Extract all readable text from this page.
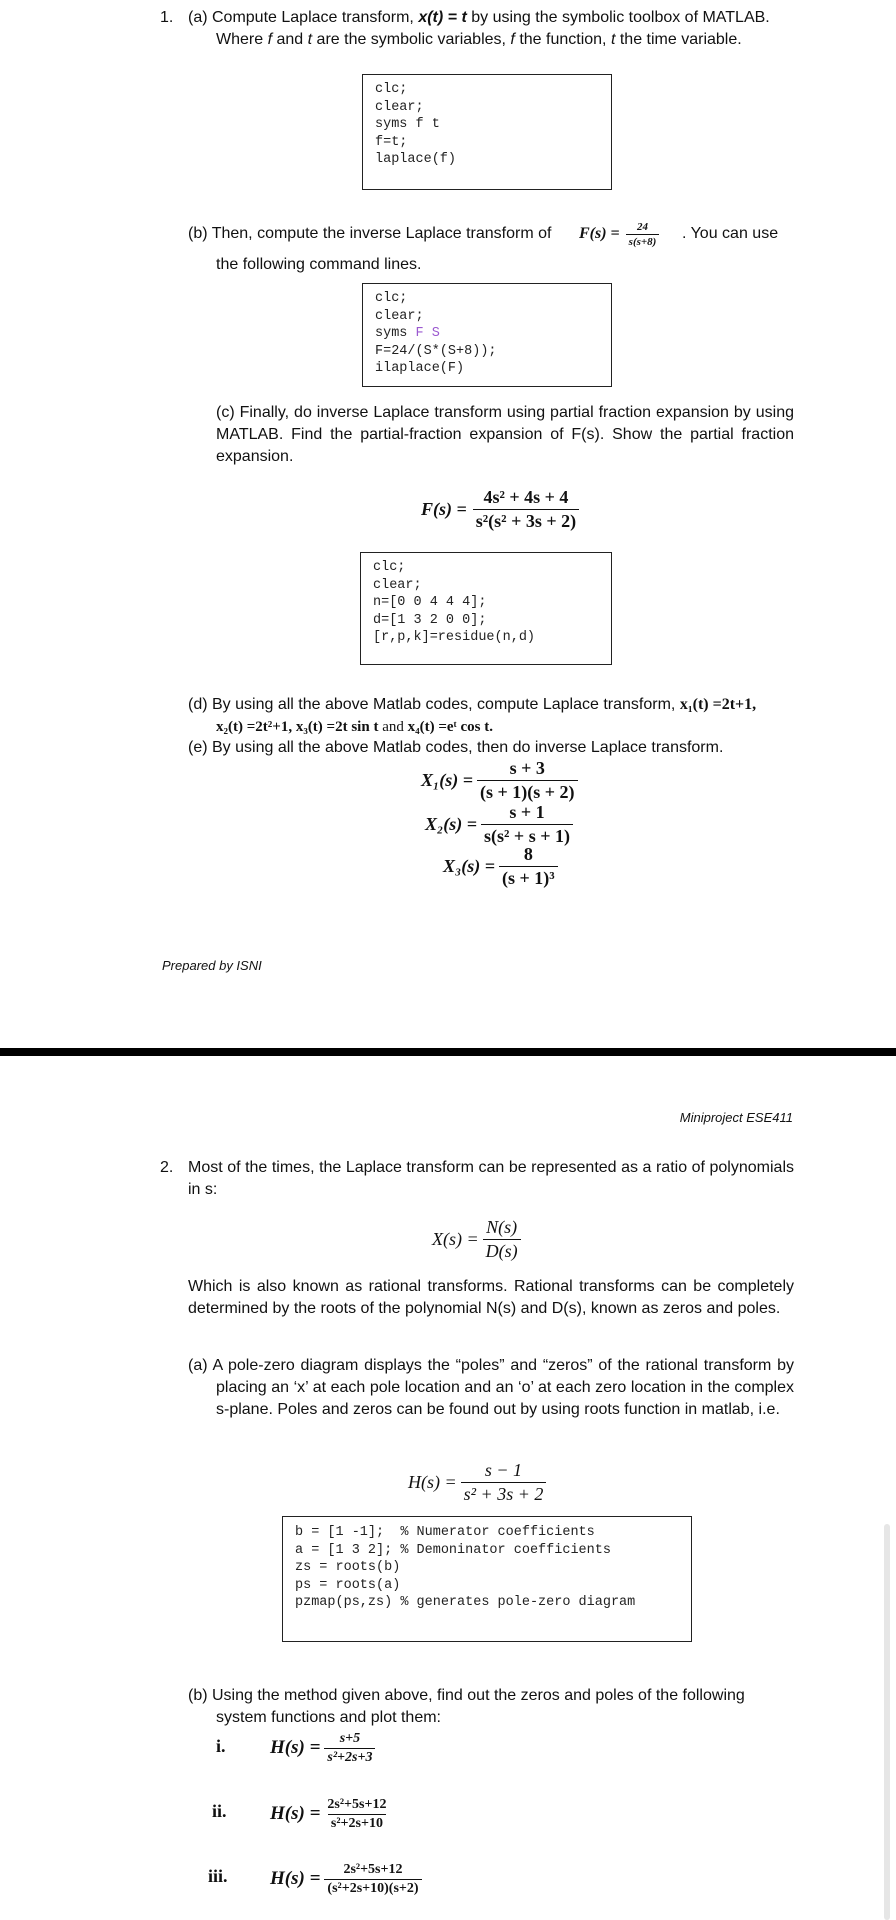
1. (a) Compute Laplace transform, x(t) = t by using the symbolic toolbox of MATLAB.
Where f and t are the symbolic variables, f the function, t the time variable.
clc;
clear;
syms f t
f=t;
laplace(f)
(b) Then, compute the inverse Laplace transform of $F(s) = \frac{24}{s(s+8)}$ . You can use
the following command lines.
clc;
clear;
syms F S
F=24/(S*(S+8));
ilaplace(F)
(c) Finally, do inverse Laplace transform using partial fraction expansion by using MATLAB. Find the partial-fraction expansion of F(s). Show the partial fraction expansion.
$F(s) = \frac{\text{4s² + 4s + 4}}{\text{s²(s² + 3s + 2)}}$
clc;
clear;
n=[0 0 4 4 4];
d=[1 3 2 0 0];
[r,p,k]=residue(n,d)
(d) By using all the above Matlab codes, compute Laplace transform, x₁(t) =2t+1,
x₂(t) =2t²+1, x₃(t) =2t sin t and x₄(t) =eᵗ cos t.
(e) By using all the above Matlab codes, then do inverse Laplace transform.
$X_1(s) = \frac{s + 3}{(s + 1)(s + 2)}$
$X_2(s) = \frac{s + 1}{\text{s(s² + s + 1)}}$
$X_3(s) = \frac{8}{\text{(s + 1)³}}$
Prepared by ISNI
Miniproject ESE411
2. Most of the times, the Laplace transform can be represented as a ratio of polynomials in s:
$X(s) = \frac{N(s)}{D(s)}$
Which is also known as rational transforms. Rational transforms can be completely determined by the roots of the polynomial N(s) and D(s), known as zeros and poles.
(a) A pole-zero diagram displays the “poles” and “zeros” of the rational transform by placing an ‘x’ at each pole location and an ‘o’ at each zero location in the complex s-plane. Poles and zeros can be found out by using roots function in matlab, i.e.
$H(s) = \frac{s - 1}{\text{s² + 3s + 2}}$
b = [1 -1];  % Numerator coefficients
a = [1 3 2]; % Demoninator coefficients
zs = roots(b)
ps = roots(a)
pzmap(ps,zs) % generates pole-zero diagram
(b) Using the method given above, find out the zeros and poles of the following system functions and plot them:
i. $H(s) = \frac{s+5}{\text{s²+2s+3}}$
ii. $H(s) = \frac{\text{2s²+5s+12}}{\text{s²+2s+10}}$
iii. $H(s) = \frac{\text{2s²+5s+12}}{\text{(s²+2s+10)(s+2)}}$
